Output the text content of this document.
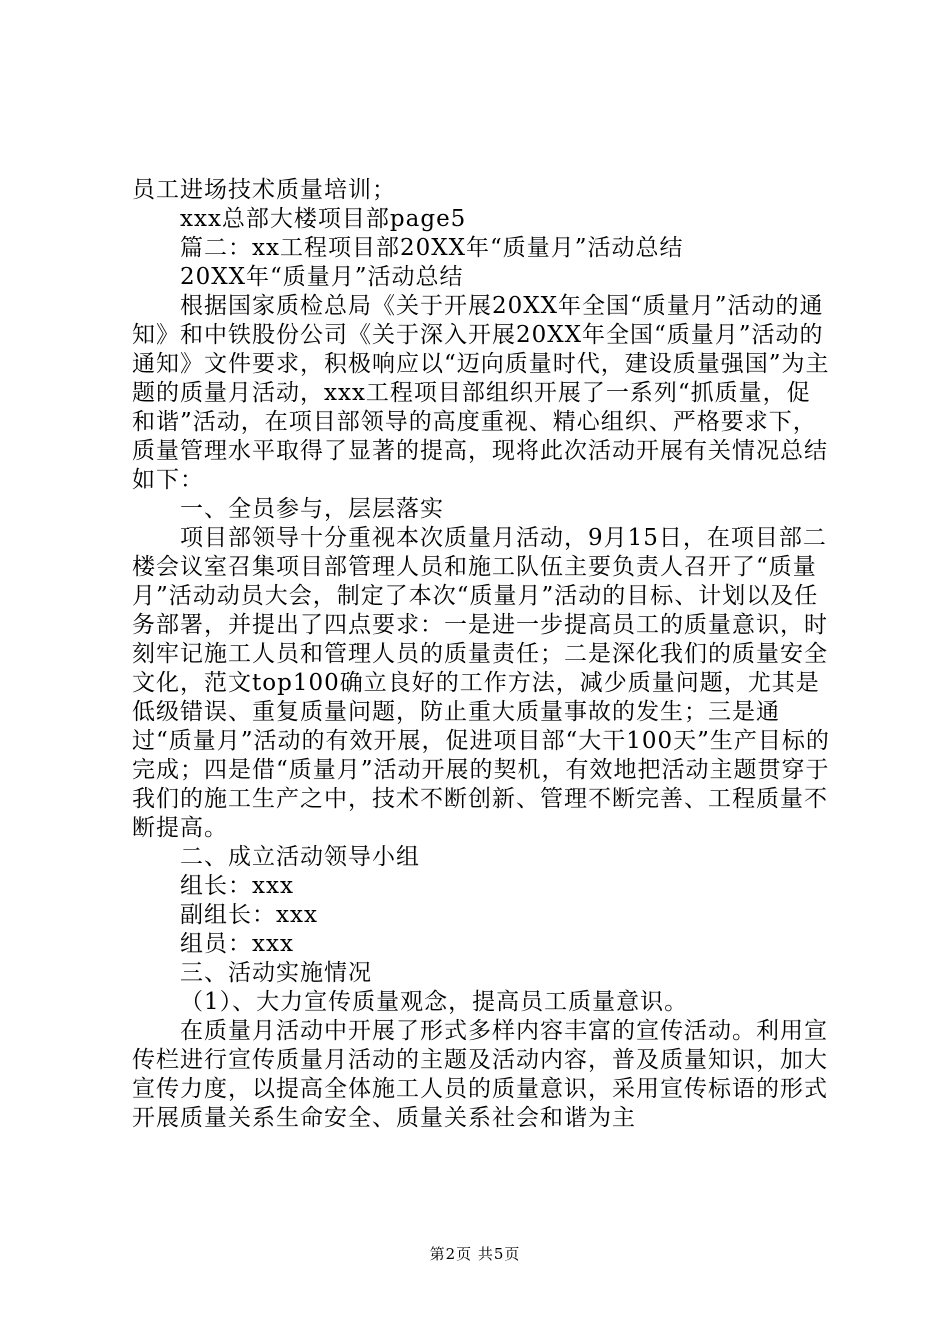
员工进场技术质量培训；

xxx总部大楼项目部page5

篇二：xx工程项目部20XX年“质量月”活动总结

20XX年“质量月”活动总结

根据国家质检总局《关于开展20XX年全国“质量月”活动的通知》和中铁股份公司《关于深入开展20XX年全国“质量月”活动的通知》文件要求，积极响应以“迈向质量时代，建设质量强国”为主题的质量月活动，xxx工程项目部组织开展了一系列“抓质量，促和谐”活动，在项目部领导的高度重视、精心组织、严格要求下，质量管理水平取得了显著的提高，现将此次活动开展有关情况总结如下：

一、全员参与，层层落实

项目部领导十分重视本次质量月活动，9月15日，在项目部二楼会议室召集项目部管理人员和施工队伍主要负责人召开了“质量月”活动动员大会，制定了本次“质量月”活动的目标、计划以及任务部署，并提出了四点要求：一是进一步提高员工的质量意识，时刻牢记施工人员和管理人员的质量责任；二是深化我们的质量安全文化，范文top100确立良好的工作方法，减少质量问题，尤其是低级错误、重复质量问题，防止重大质量事故的发生；三是通过“质量月”活动的有效开展，促进项目部“大干100天”生产目标的完成；四是借“质量月”活动开展的契机，有效地把活动主题贯穿于我们的施工生产之中，技术不断创新、管理不断完善、工程质量不断提高。

二、成立活动领导小组

组长：xxx

副组长：xxx

组员：xxx

三、活动实施情况

（1）、大力宣传质量观念，提高员工质量意识。

在质量月活动中开展了形式多样内容丰富的宣传活动。利用宣传栏进行宣传质量月活动的主题及活动内容，普及质量知识，加大宣传力度，以提高全体施工人员的质量意识，采用宣传标语的形式开展质量关系生命安全、质量关系社会和谐为主

第2页 共5页
